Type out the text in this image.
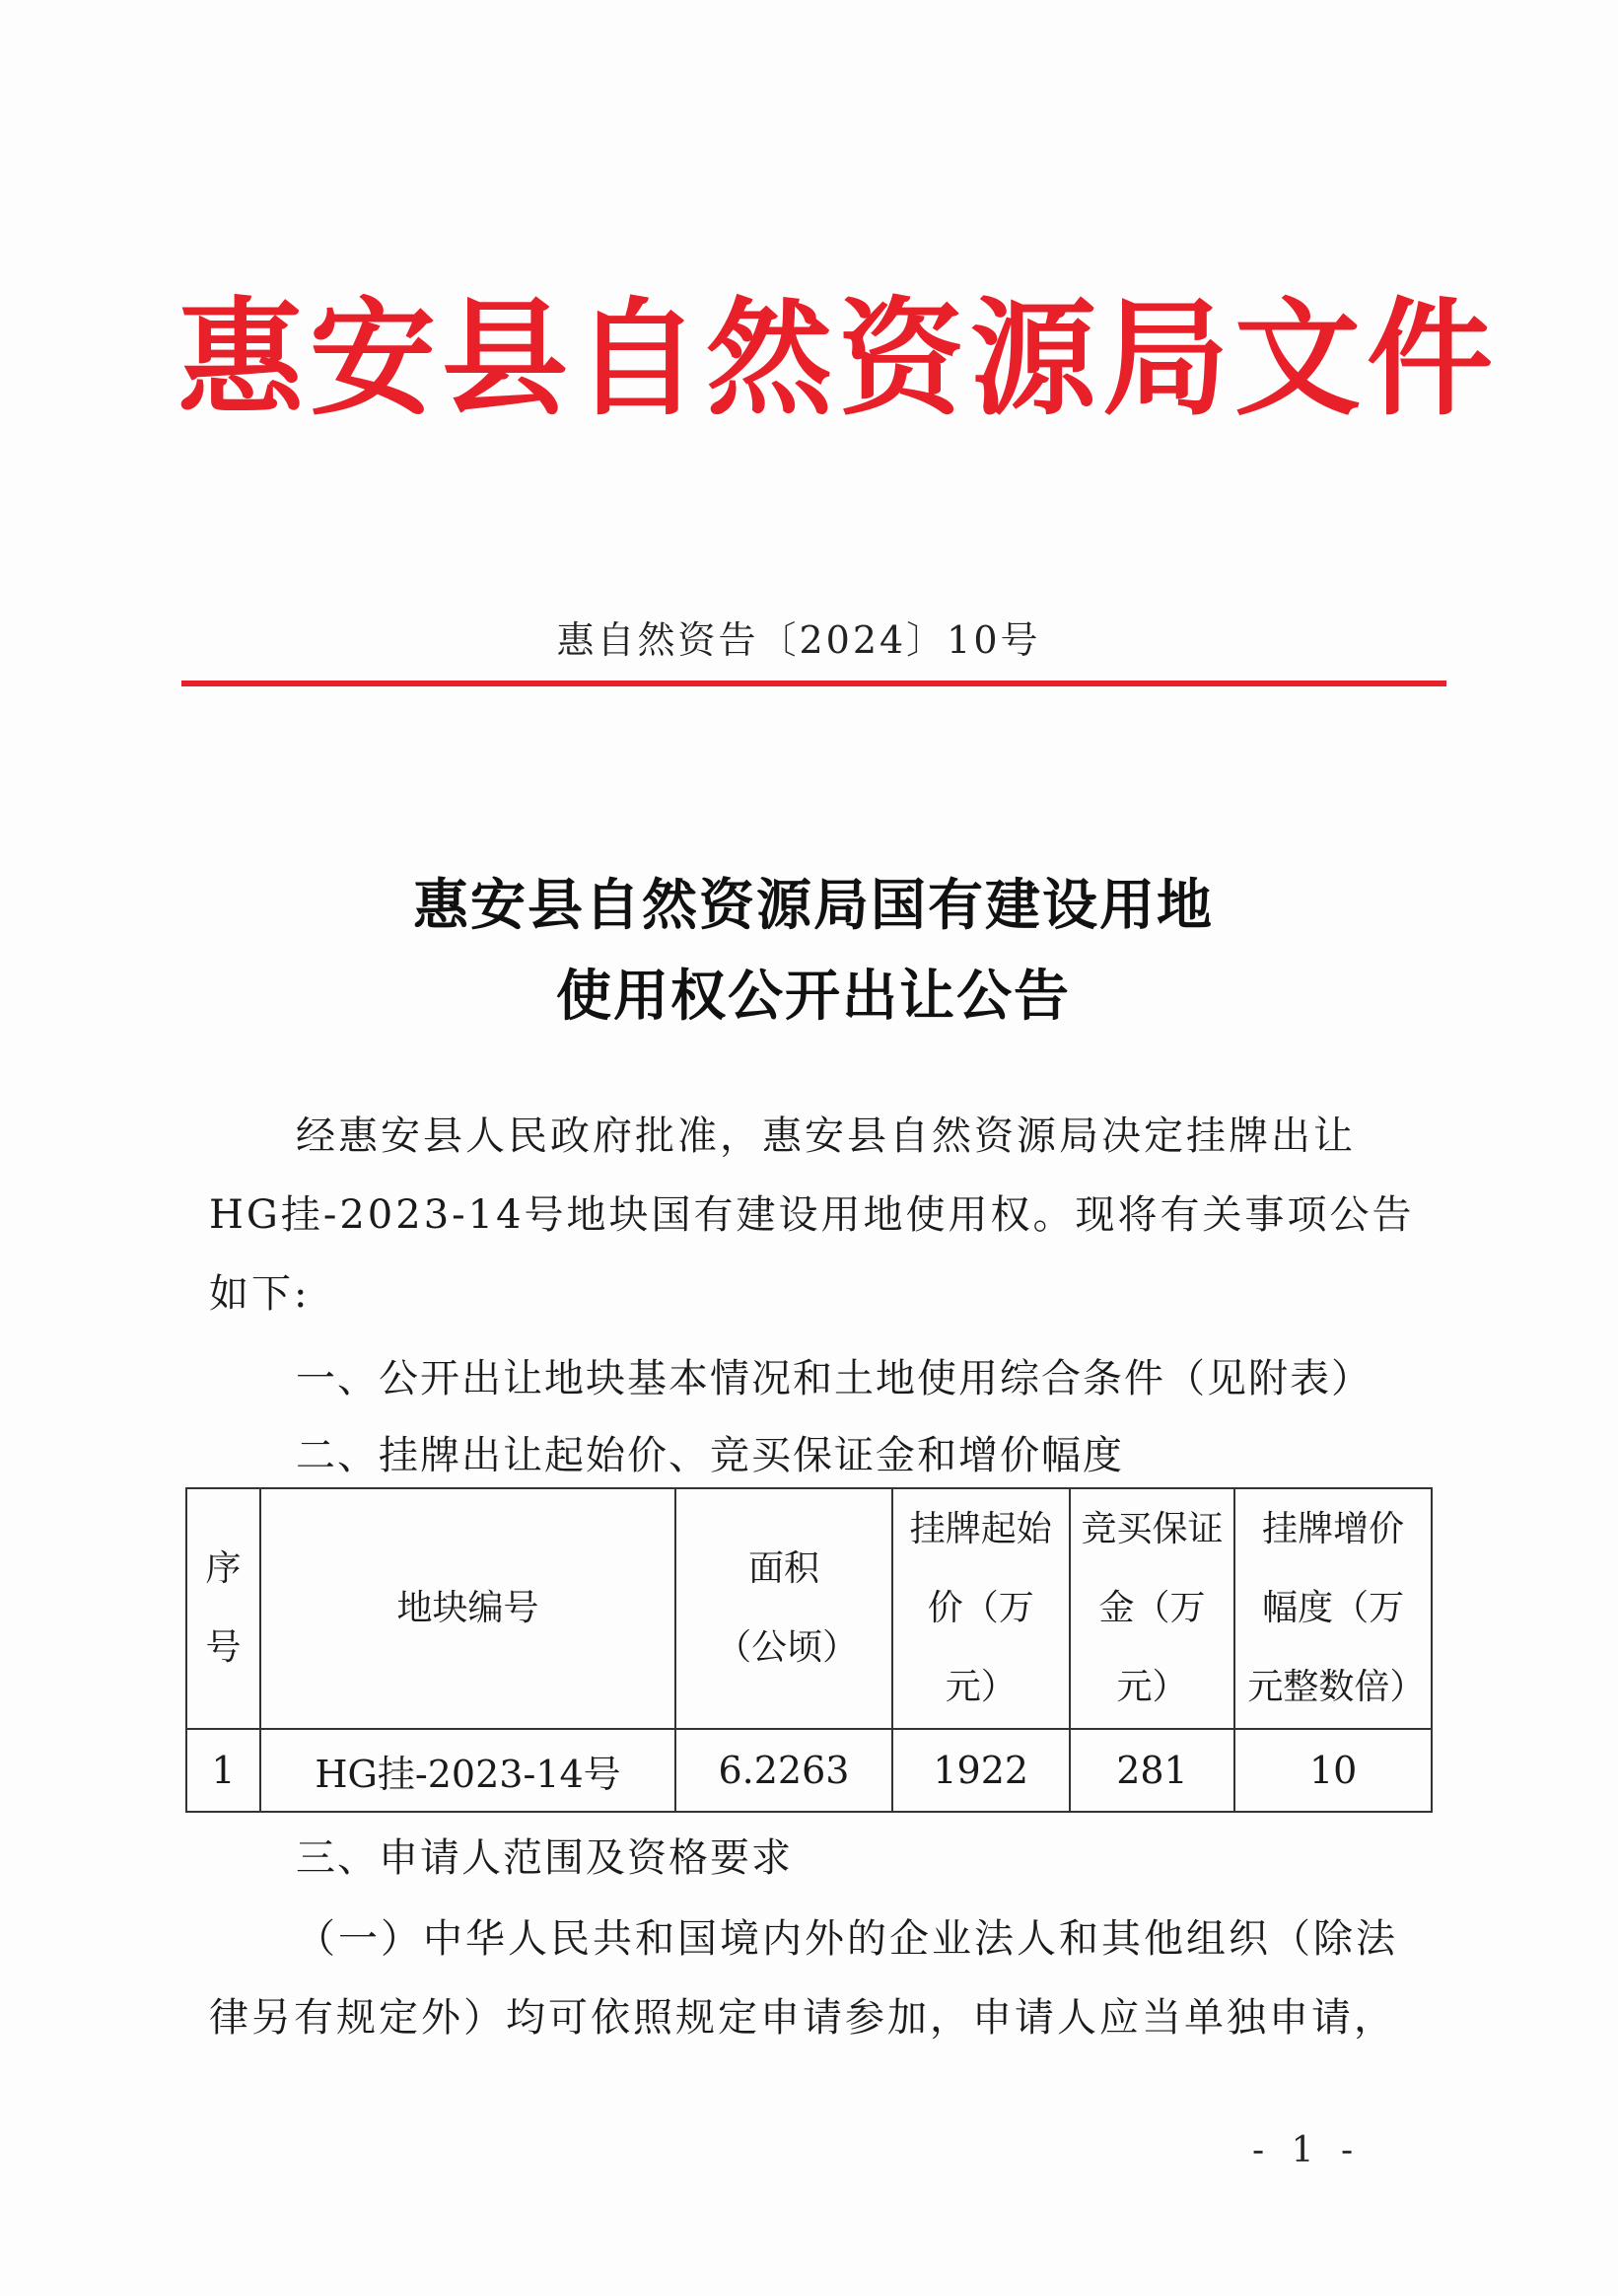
惠安县自然资源局文件
惠自然资告〔2024〕10号
惠安县自然资源局国有建设用地
使用权公开出让公告
经惠安县人民政府批准，惠安县自然资源局决定挂牌出让
HG挂-2023-14号地块国有建设用地使用权。现将有关事项公告
如下:
一、公开出让地块基本情况和土地使用综合条件（见附表）
二、挂牌出让起始价、竞买保证金和增价幅度
序号	地块编号	面积（公顷）	挂牌起始价（万元）	竞买保证金（万元）	挂牌增价幅度（万元整数倍）
1	HG挂-2023-14号	6.2263	1922	281	10
三、申请人范围及资格要求
（一）中华人民共和国境内外的企业法人和其他组织（除法
律另有规定外）均可依照规定申请参加，申请人应当单独申请，
- 1 -
